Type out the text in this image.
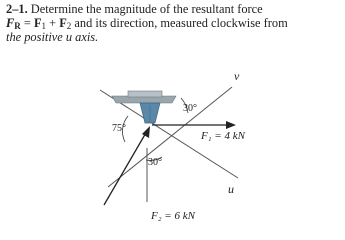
2–1. Determine the magnitude of the resultant force
$F_R = F_1 + F_2$ and its direction, measured clockwise from
the positive u axis.
v
u
30°
75°
30°
F₁ = 4 kN
F₂ = 6 kN
